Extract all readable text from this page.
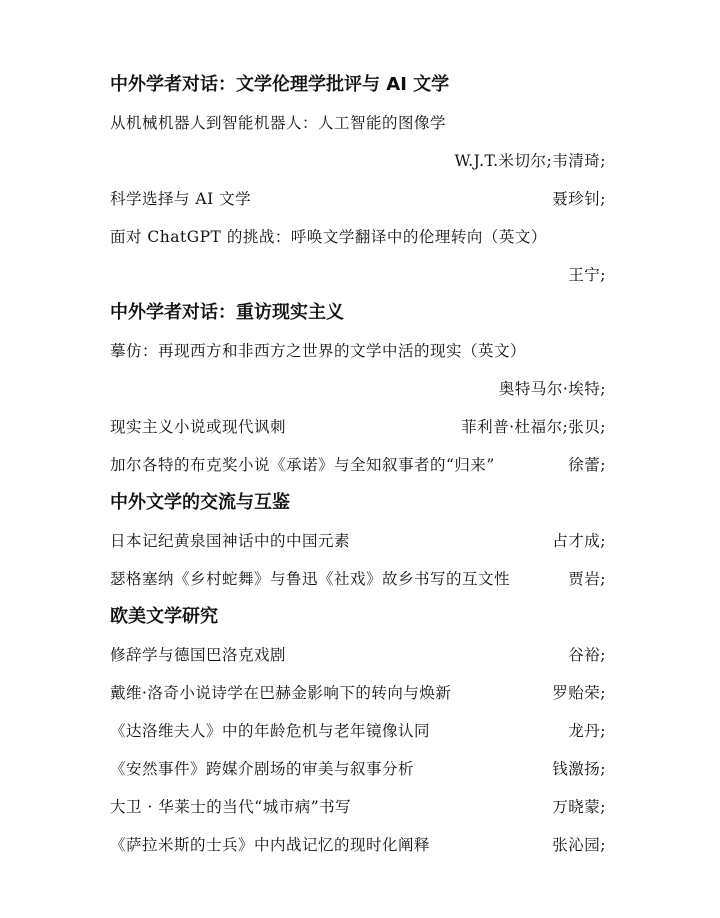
中外学者对话：文学伦理学批评与 AI 文学
从机械机器人到智能机器人：人工智能的图像学
W.J.T.米切尔;韦清琦;
科学选择与 AI 文学	聂珍钊;
面对 ChatGPT 的挑战：呼唤文学翻译中的伦理转向（英文）
王宁;
中外学者对话：重访现实主义
摹仿：再现西方和非西方之世界的文学中活的现实（英文）
奥特马尔·埃特;
现实主义小说或现代讽刺	菲利普·杜福尔;张贝;
加尔各特的布克奖小说《承诺》与全知叙事者的“归来”	徐蕾;
中外文学的交流与互鉴
日本记纪黄泉国神话中的中国元素	占才成;
瑟格塞纳《乡村蛇舞》与鲁迅《社戏》故乡书写的互文性	贾岩;
欧美文学研究
修辞学与德国巴洛克戏剧	谷裕;
戴维·洛奇小说诗学在巴赫金影响下的转向与焕新	罗贻荣;
《达洛维夫人》中的年龄危机与老年镜像认同	龙丹;
《安然事件》跨媒介剧场的审美与叙事分析	钱激扬;
大卫 · 华莱士的当代“城市病”书写	万晓蒙;
《萨拉米斯的士兵》中内战记忆的现时化阐释	张沁园;
